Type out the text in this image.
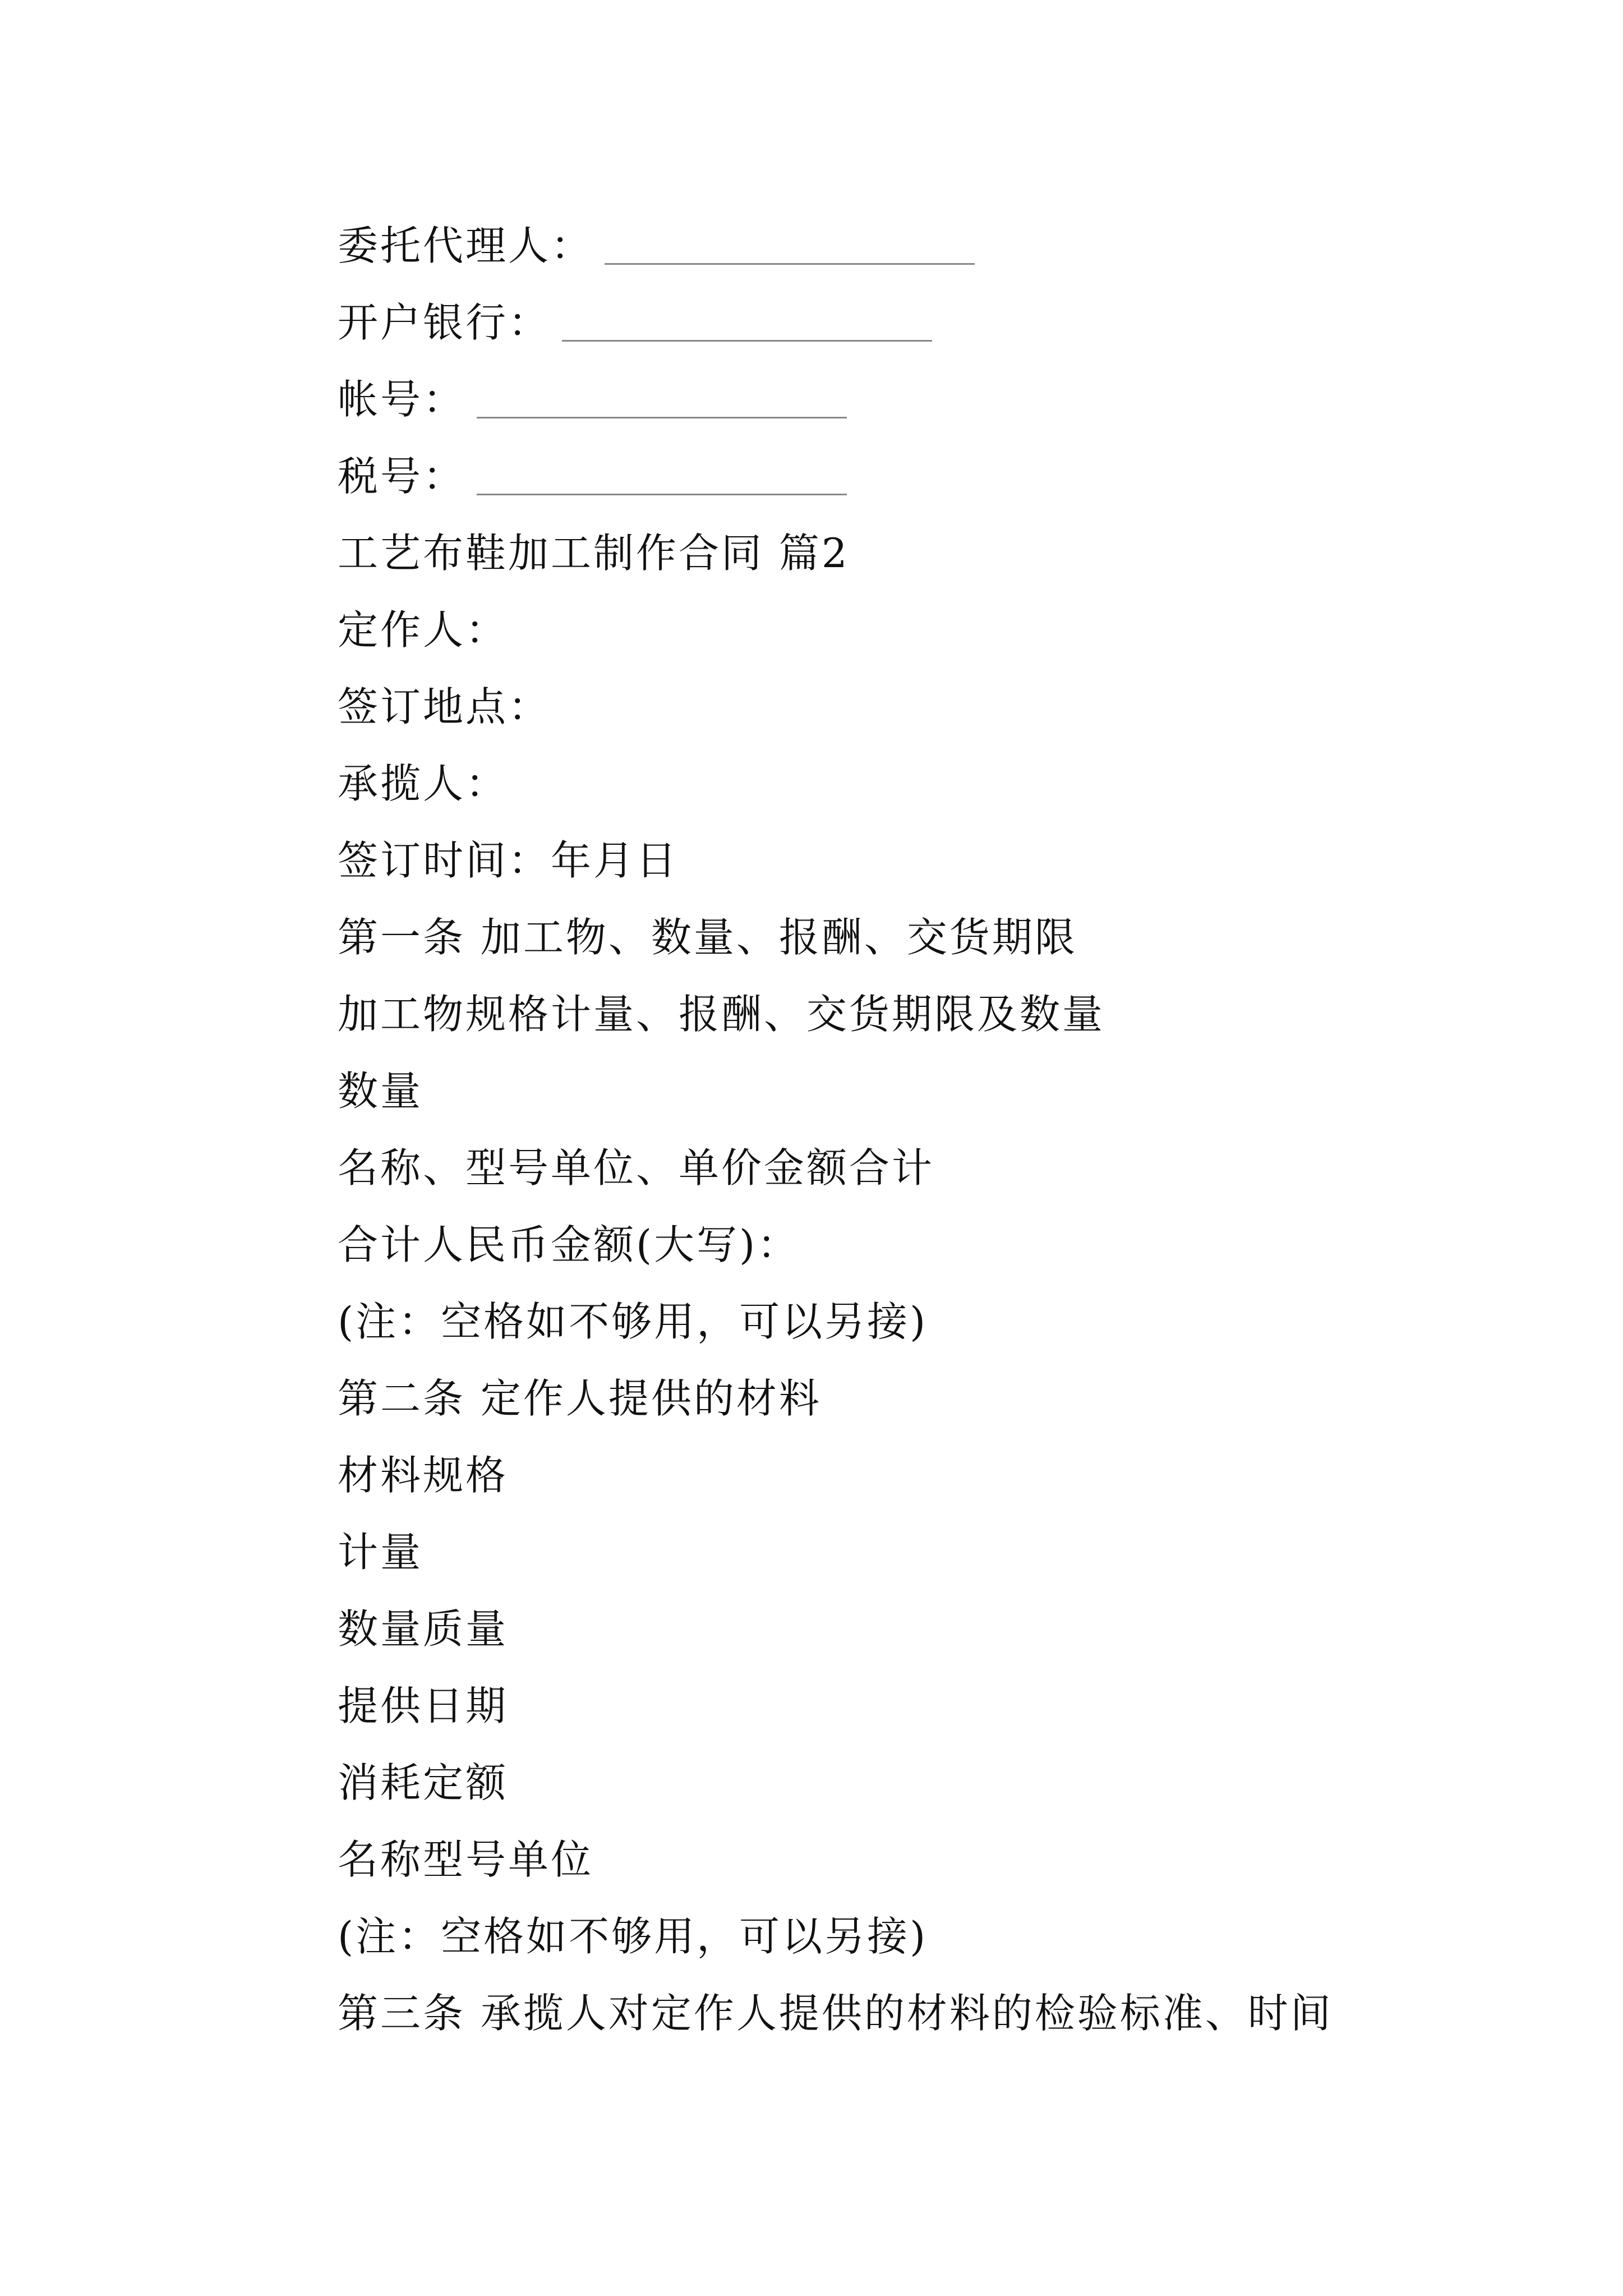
委托代理人：
开户银行：
帐号：
税号：
工艺布鞋加工制作合同 篇2
定作人：
签订地点：
承揽人：
签订时间：年月日
第一条 加工物、数量、报酬、交货期限
加工物规格计量、报酬、交货期限及数量
数量
名称、型号单位、单价金额合计
合计人民币金额(大写)：
(注：空格如不够用，可以另接)
第二条 定作人提供的材料
材料规格
计量
数量质量
提供日期
消耗定额
名称型号单位
(注：空格如不够用，可以另接)
第三条 承揽人对定作人提供的材料的检验标准、时间
